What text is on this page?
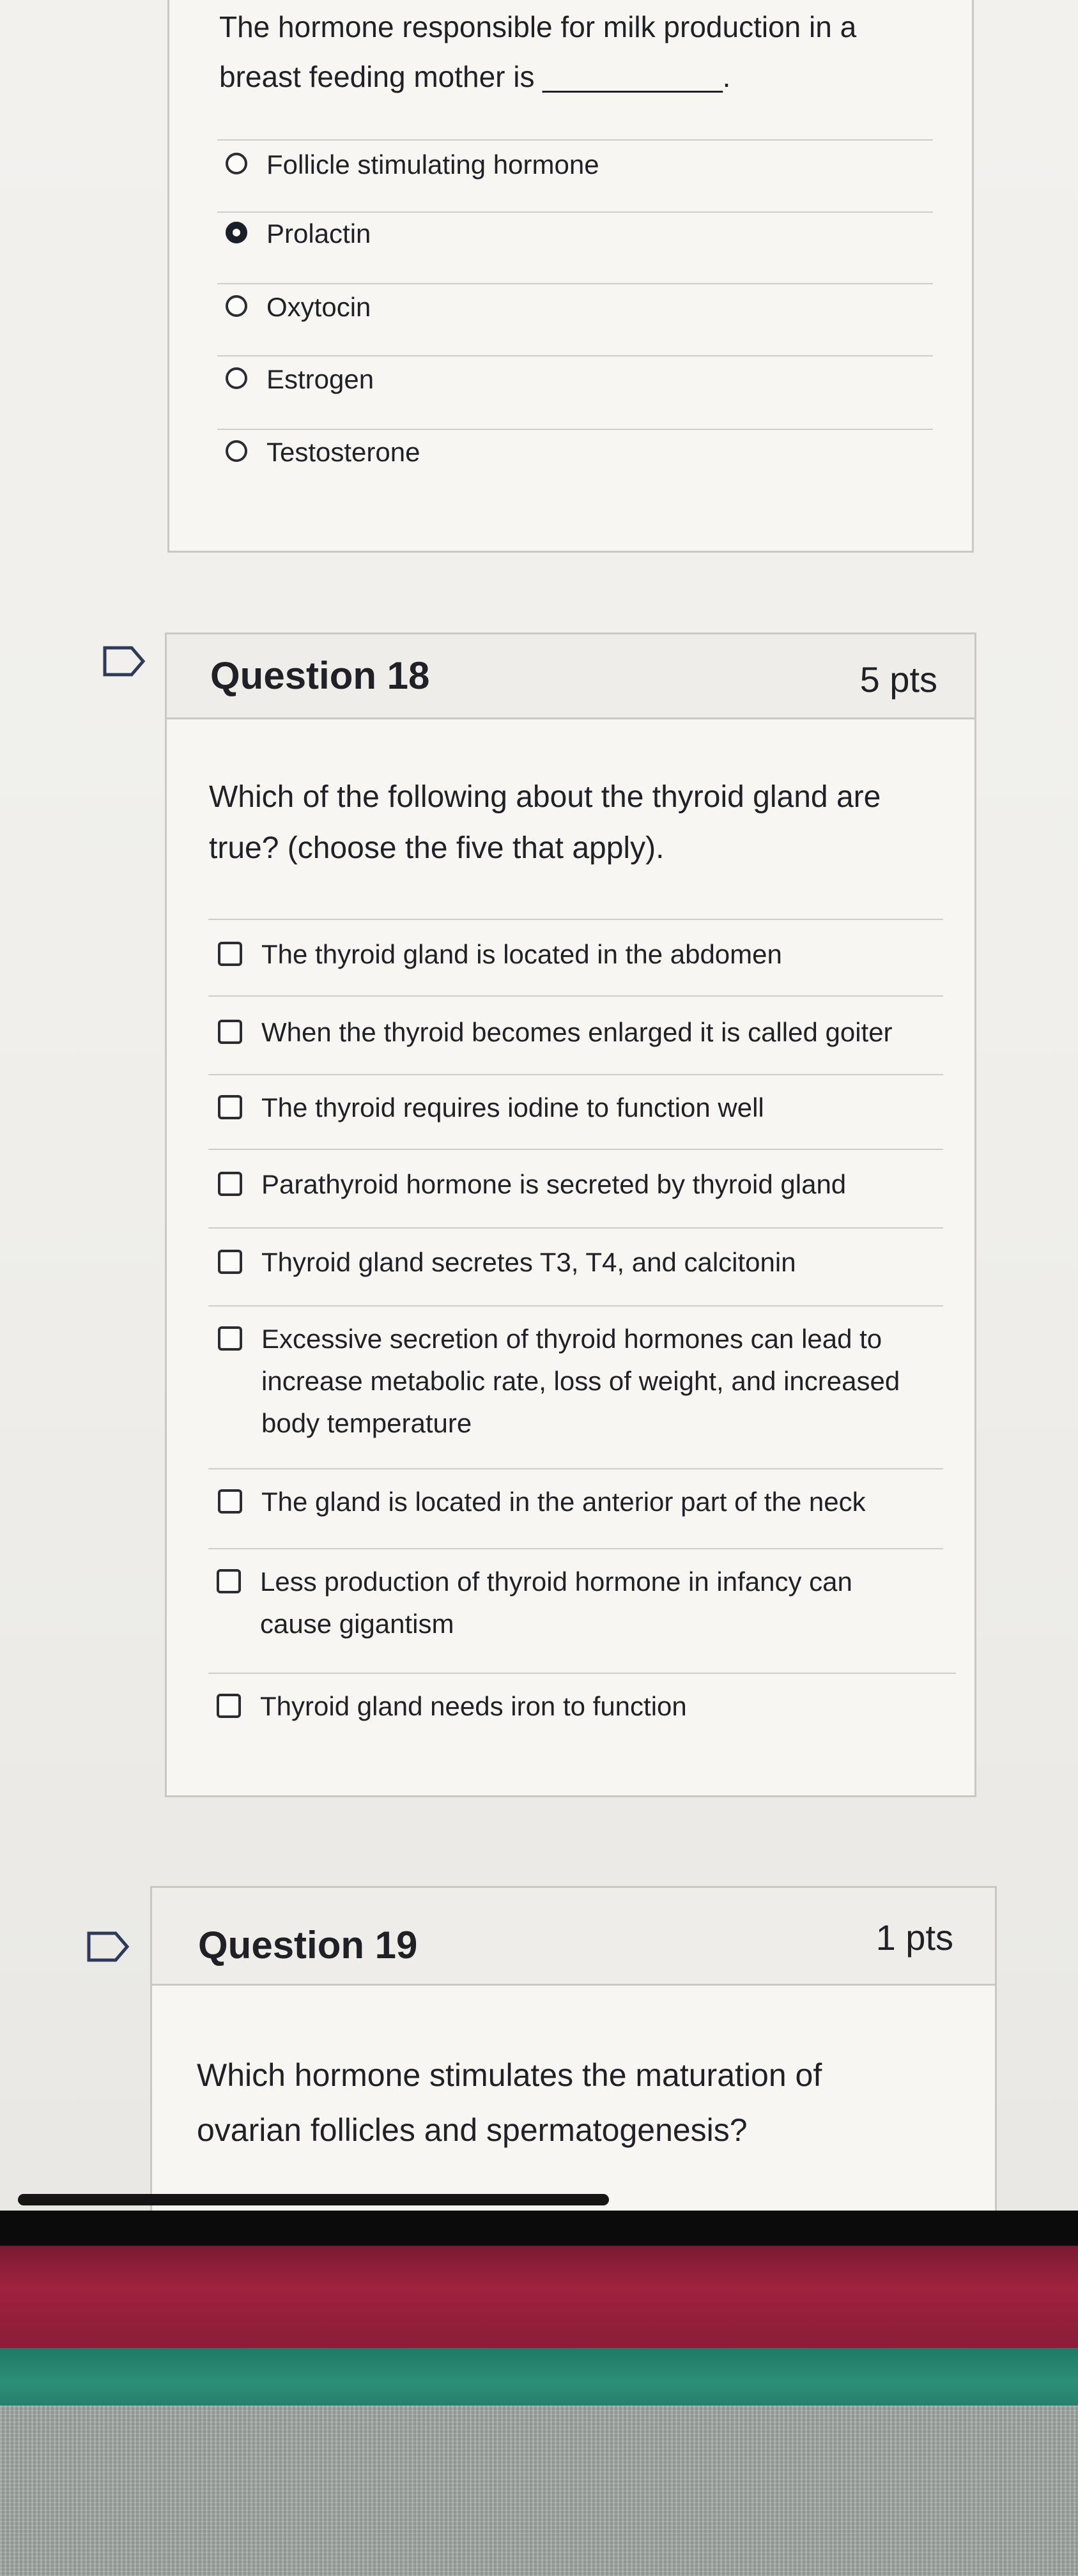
The hormone responsible for milk production in a
breast feeding mother is ___________.
Follicle stimulating hormone
Prolactin
Oxytocin
Estrogen
Testosterone
Question 18	5 pts
Which of the following about the thyroid gland are
true? (choose the five that apply).
The thyroid gland is located in the abdomen
When the thyroid becomes enlarged it is called goiter
The thyroid requires iodine to function well
Parathyroid hormone is secreted by thyroid gland
Thyroid gland secretes T3, T4, and calcitonin
Excessive secretion of thyroid hormones can lead to increase metabolic rate, loss of weight, and increased body temperature
The gland is located in the anterior part of the neck
Less production of thyroid hormone in infancy can cause gigantism
Thyroid gland needs iron to function
Question 19	1 pts
Which hormone stimulates the maturation of
ovarian follicles and spermatogenesis?
